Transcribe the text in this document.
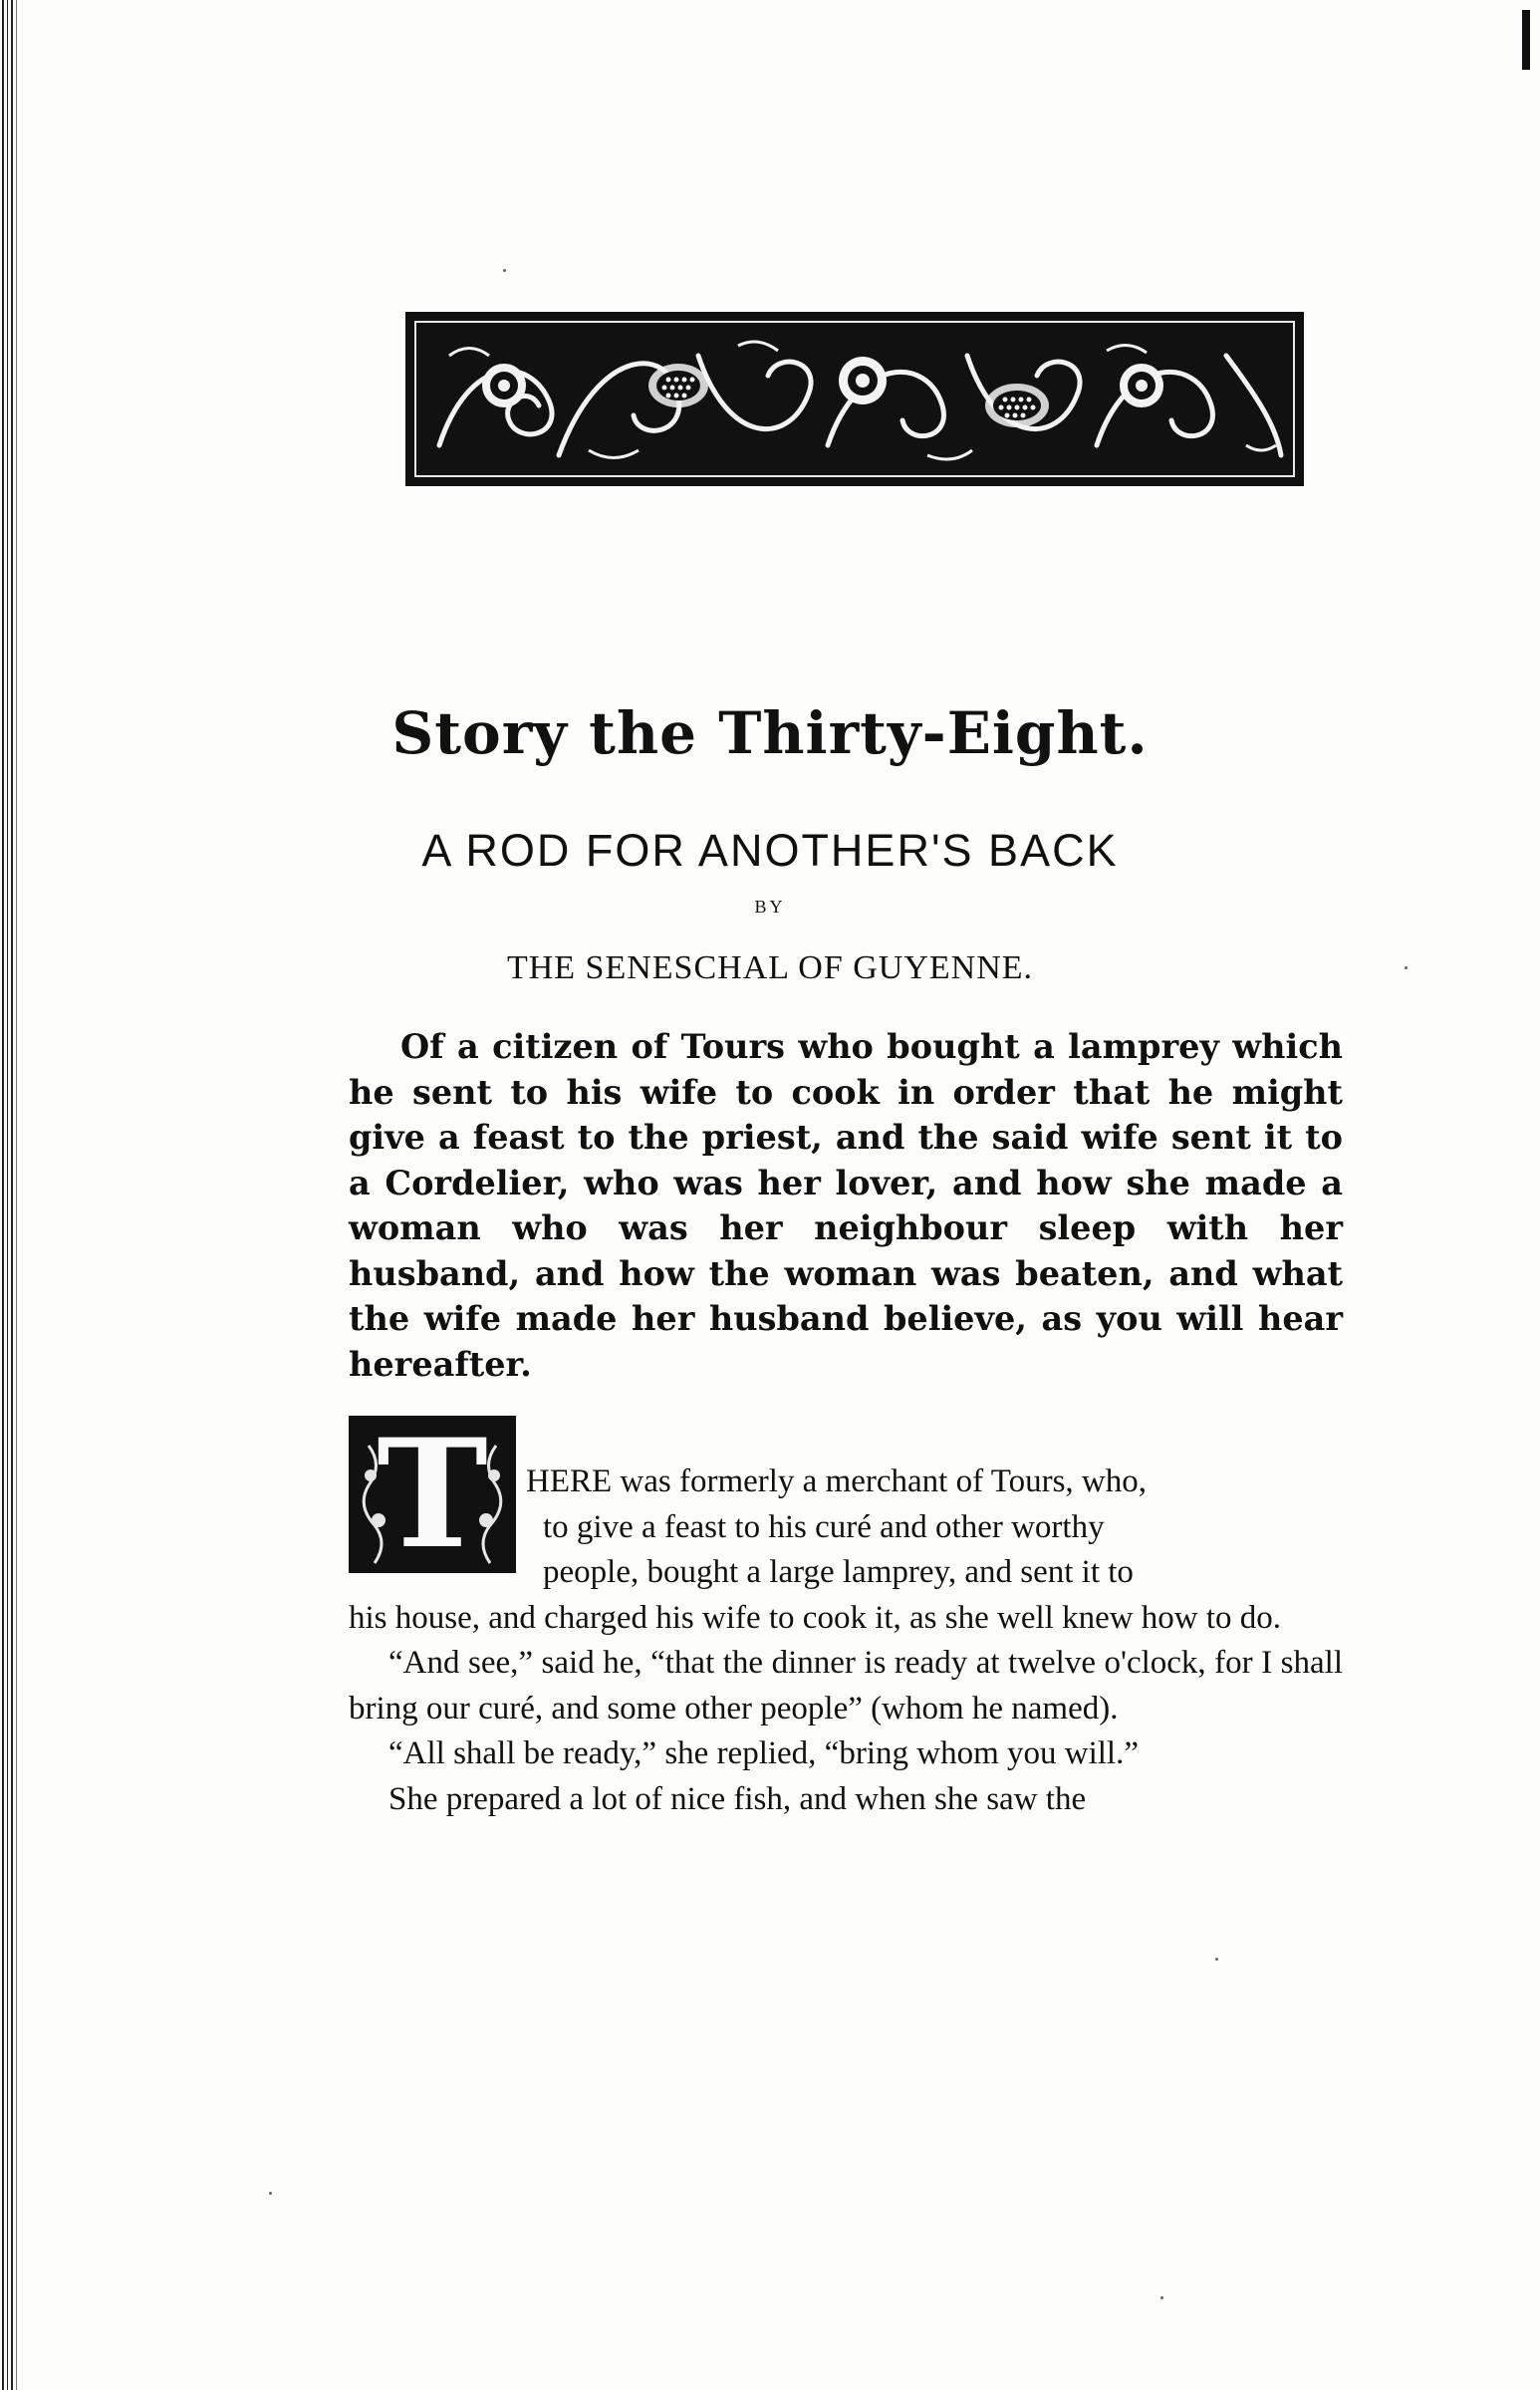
Story the Thirty-Eight.
A ROD FOR ANOTHER'S BACK
BY
THE SENESCHAL OF GUYENNE.

Of a citizen of Tours who bought a lamprey which he sent to his wife to cook in order that he might give a feast to the priest, and the said wife sent it to a Cordelier, who was her lover, and how she made a woman who was her neighbour sleep with her husband, and how the woman was beaten, and what the wife made her husband believe, as you will hear hereafter.

T	HERE was formerly a merchant of Tours, who,
to give a feast to his curé and other worthy
people, bought a large lamprey, and sent it to
his house, and charged his wife to cook it, as she well knew how to do.

“And see,” said he, “that the dinner is ready at twelve o'clock, for I shall bring our curé, and some other people” (whom he named).

“All shall be ready,” she replied, “bring whom you will.”

She prepared a lot of nice fish, and when she saw the
